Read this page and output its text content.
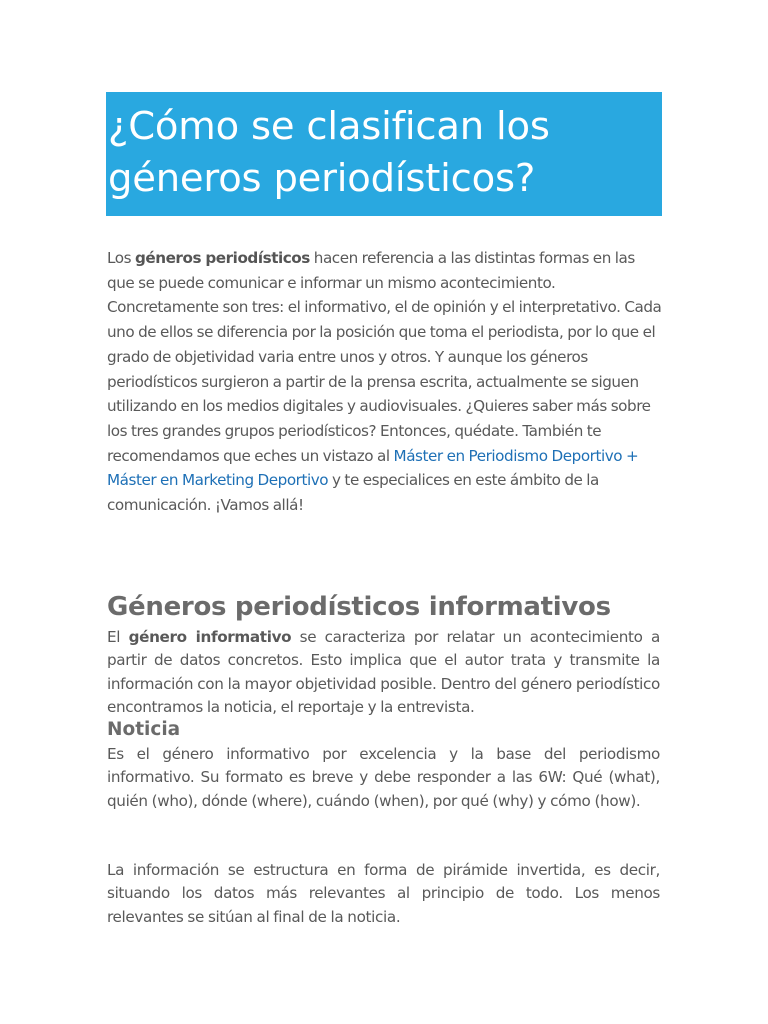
¿Cómo se clasifican los géneros periodísticos?

Los géneros periodísticos hacen referencia a las distintas formas en las que se puede comunicar e informar un mismo acontecimiento. Concretamente son tres: el informativo, el de opinión y el interpretativo. Cada uno de ellos se diferencia por la posición que toma el periodista, por lo que el grado de objetividad varia entre unos y otros. Y aunque los géneros periodísticos surgieron a partir de la prensa escrita, actualmente se siguen utilizando en los medios digitales y audiovisuales. ¿Quieres saber más sobre los tres grandes grupos periodísticos? Entonces, quédate. También te recomendamos que eches un vistazo al Máster en Periodismo Deportivo + Máster en Marketing Deportivo y te especialices en este ámbito de la comunicación. ¡Vamos allá!

Géneros periodísticos informativos

El género informativo se caracteriza por relatar un acontecimiento a partir de datos concretos. Esto implica que el autor trata y transmite la información con la mayor objetividad posible. Dentro del género periodístico encontramos la noticia, el reportaje y la entrevista.

Noticia

Es el género informativo por excelencia y la base del periodismo informativo. Su formato es breve y debe responder a las 6W: Qué (what), quién (who), dónde (where), cuándo (when), por qué (why) y cómo (how).

La información se estructura en forma de pirámide invertida, es decir, situando los datos más relevantes al principio de todo. Los menos relevantes se sitúan al final de la noticia.
